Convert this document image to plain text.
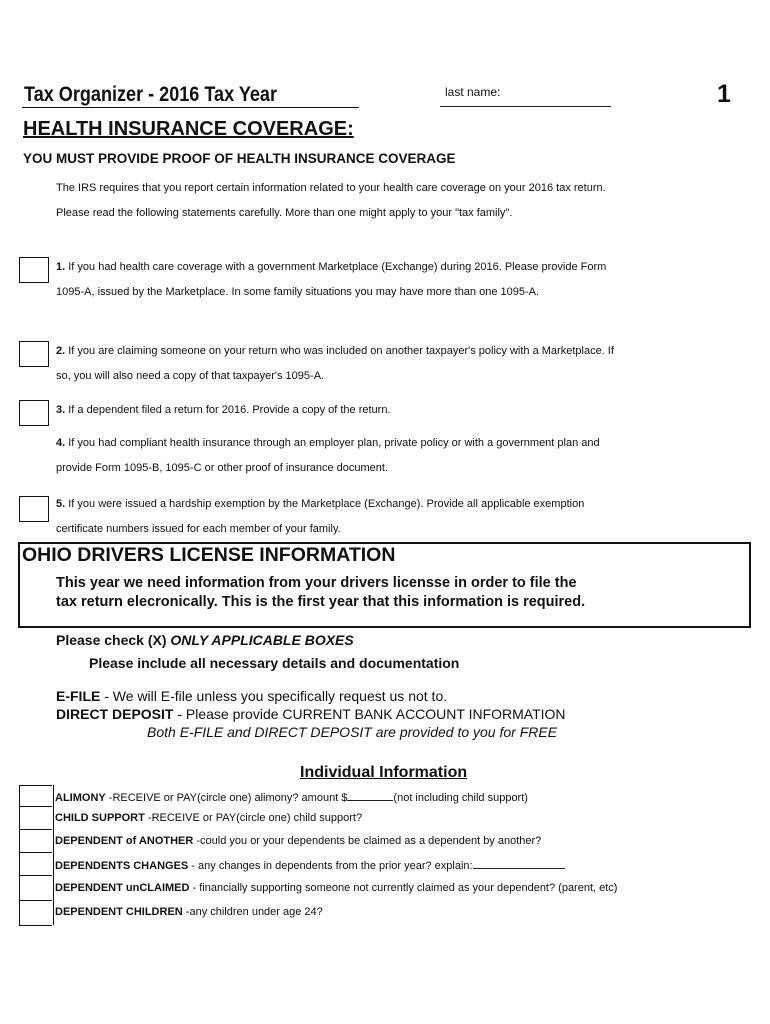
Tax Organizer - 2016 Tax Year	last name:	1
HEALTH INSURANCE COVERAGE:
YOU MUST PROVIDE PROOF OF HEALTH INSURANCE COVERAGE
The IRS requires that you report certain information related to your health care coverage on your 2016 tax return. Please read the following statements carefully. More than one might apply to your "tax family".
1. If you had health care coverage with a government Marketplace (Exchange) during 2016. Please provide Form 1095-A, issued by the Marketplace. In some family situations you may have more than one 1095-A.
2. If you are claiming someone on your return who was included on another taxpayer's policy with a Marketplace. If so, you will also need a copy of that taxpayer's 1095-A.
3. If a dependent filed a return for 2016. Provide a copy of the return.
4. If you had compliant health insurance through an employer plan, private policy or with a government plan and provide Form 1095-B, 1095-C or other proof of insurance document.
5. If you were issued a hardship exemption by the Marketplace (Exchange). Provide all applicable exemption certificate numbers issued for each member of your family.
OHIO DRIVERS LICENSE INFORMATION
This year we need information from your drivers licensse in order to file the
tax return elecronically. This is the first year that this information is required.
Please check (X) ONLY APPLICABLE BOXES
Please include all necessary details and documentation
E-FILE - We will E-file unless you specifically request us not to.
DIRECT DEPOSIT - Please provide CURRENT BANK ACCOUNT INFORMATION
Both E-FILE and DIRECT DEPOSIT are provided to you for FREE
Individual Information
ALIMONY -RECEIVE or PAY(circle one) alimony? amount $	(not including child support)
CHILD SUPPORT -RECEIVE or PAY(circle one) child support?
DEPENDENT of ANOTHER -could you or your dependents be claimed as a dependent by another?
DEPENDENTS CHANGES - any changes in dependents from the prior year? explain:
DEPENDENT unCLAIMED - financially supporting someone not currently claimed as your dependent? (parent, etc)
DEPENDENT CHILDREN -any children under age 24?
